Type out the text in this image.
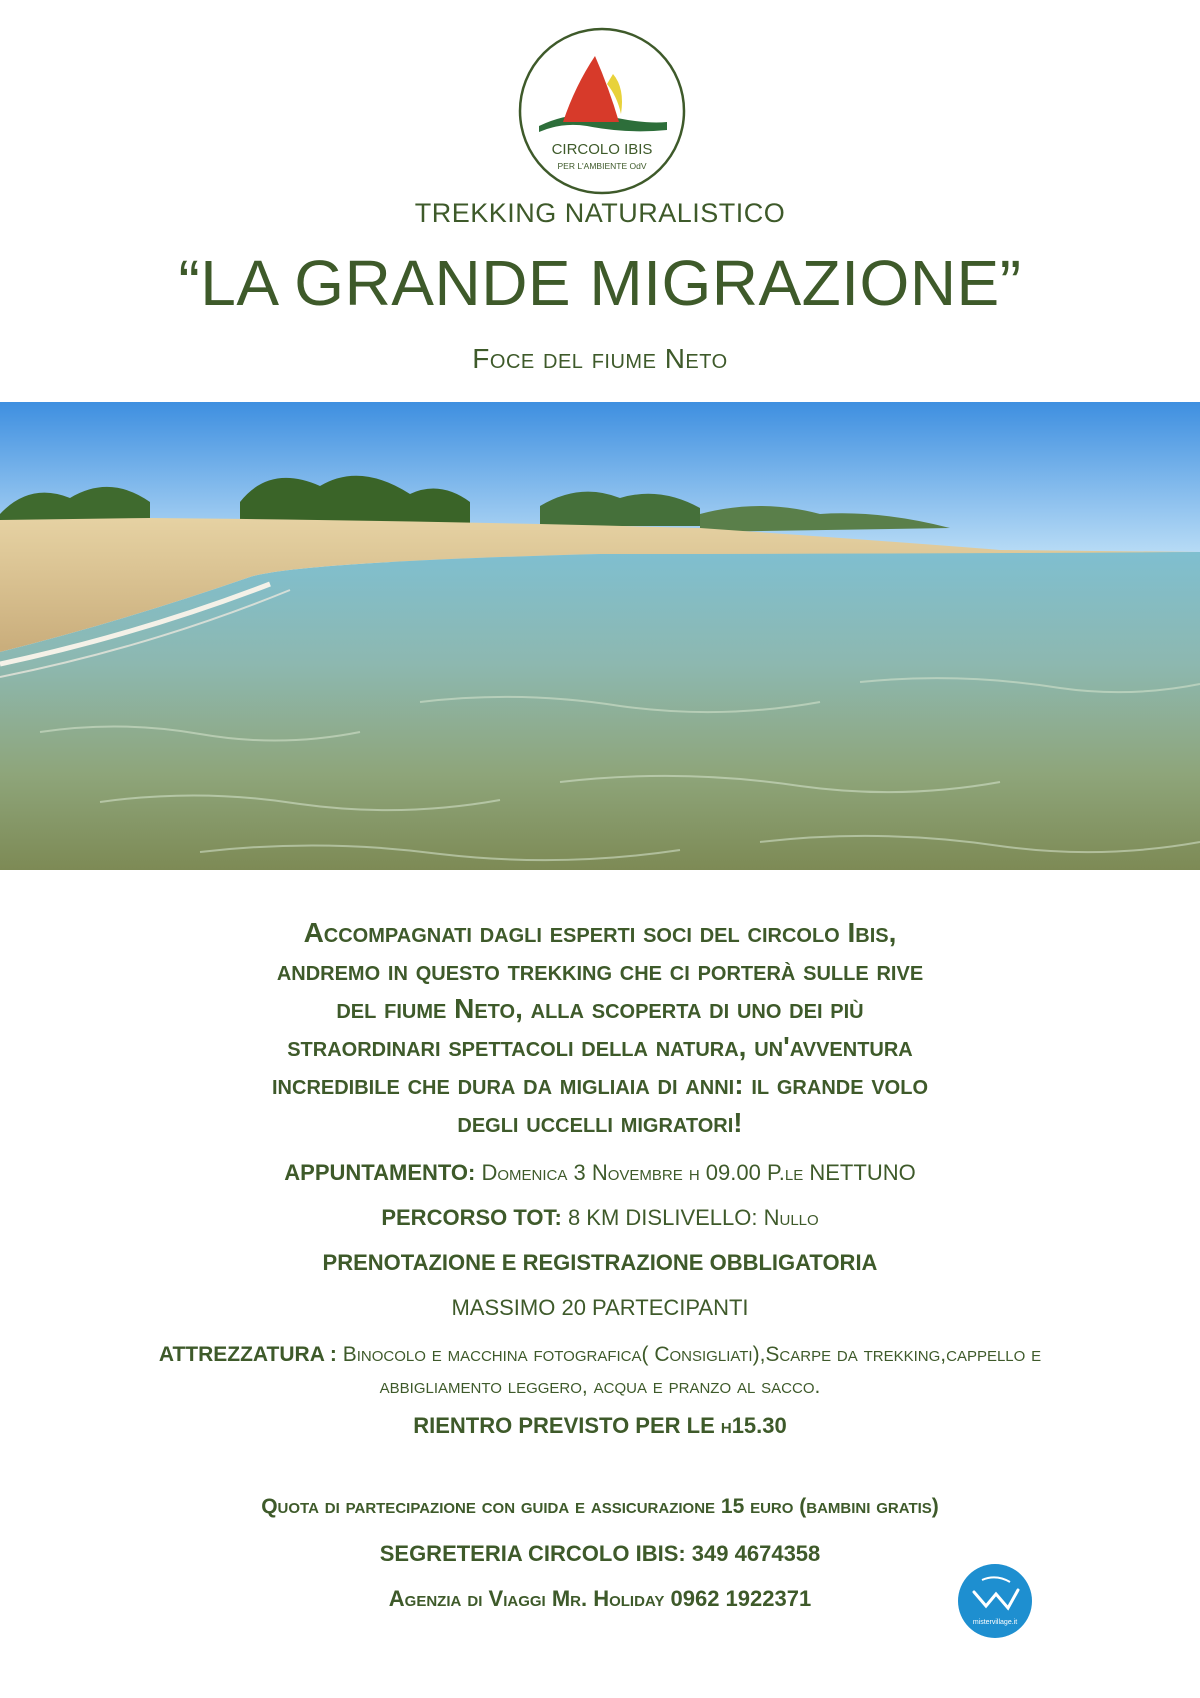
CIRCOLO IBIS
PER L'AMBIENTE OdV
TREKKING NATURALISTICO
“LA GRANDE MIGRAZIONE”
Foce del fiume Neto
Accompagnati dagli esperti soci del circolo Ibis,
andremo in questo trekking che ci porterà sulle rive
del fiume Neto, alla scoperta di uno dei più
straordinari spettacoli della natura, un'avventura
incredibile che dura da migliaia di anni: il grande volo
degli uccelli migratori!
APPUNTAMENTO: Domenica 3 Novembre h 09.00 P.le NETTUNO
PERCORSO TOT: 8 KM DISLIVELLO: Nullo
PRENOTAZIONE E REGISTRAZIONE OBBLIGATORIA
MASSIMO 20 PARTECIPANTI
ATTREZZATURA : Binocolo e macchina fotografica( Consigliati),Scarpe da trekking,cappello e abbigliamento leggero, acqua e pranzo al sacco.
RIENTRO PREVISTO PER LE h15.30
Quota di partecipazione con guida e assicurazione 15 euro (bambini gratis)
SEGRETERIA CIRCOLO IBIS: 349 4674358
Agenzia di Viaggi Mr. Holiday 0962 1922371
mistervillage.it
